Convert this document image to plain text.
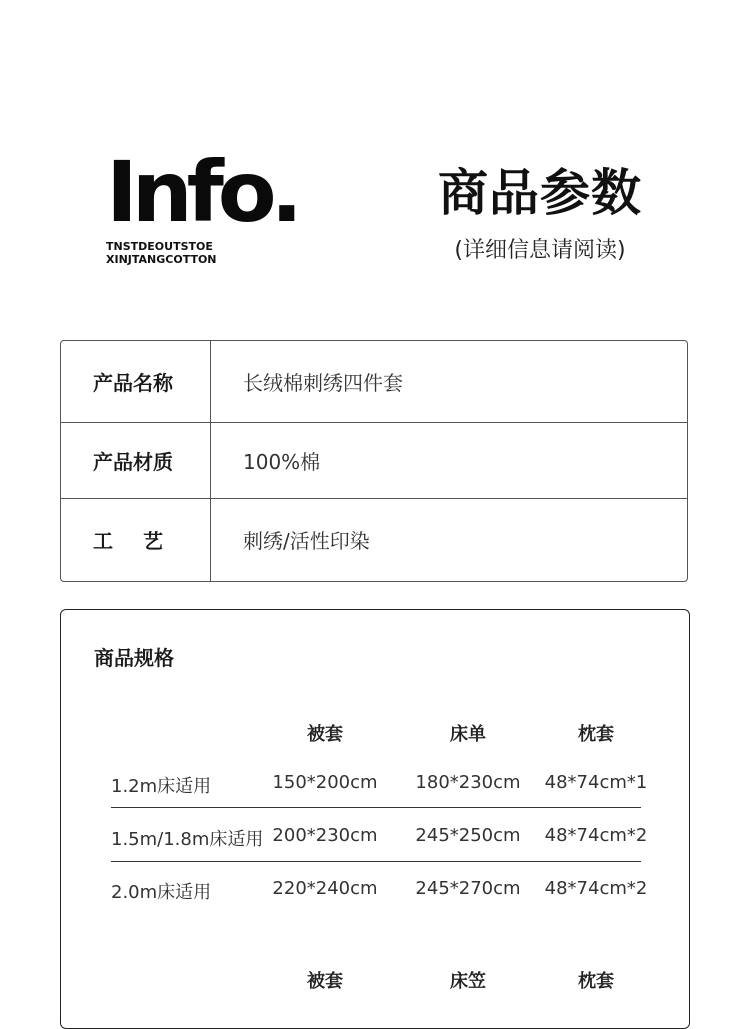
Info.
TNSTDEOUTSTOE
XINJTANGCOTTON
商品参数
(详细信息请阅读)
产品名称	长绒棉刺绣四件套
产品材质	100%棉
工艺	刺绣/活性印染
商品规格
被套	床单	枕套
1.2m床适用	150*200cm	180*230cm	48*74cm*1
1.5m/1.8m床适用 200*230cm	245*250cm	48*74cm*2
2.0m床适用	220*240cm	245*270cm	48*74cm*2
被套	床笠	枕套
